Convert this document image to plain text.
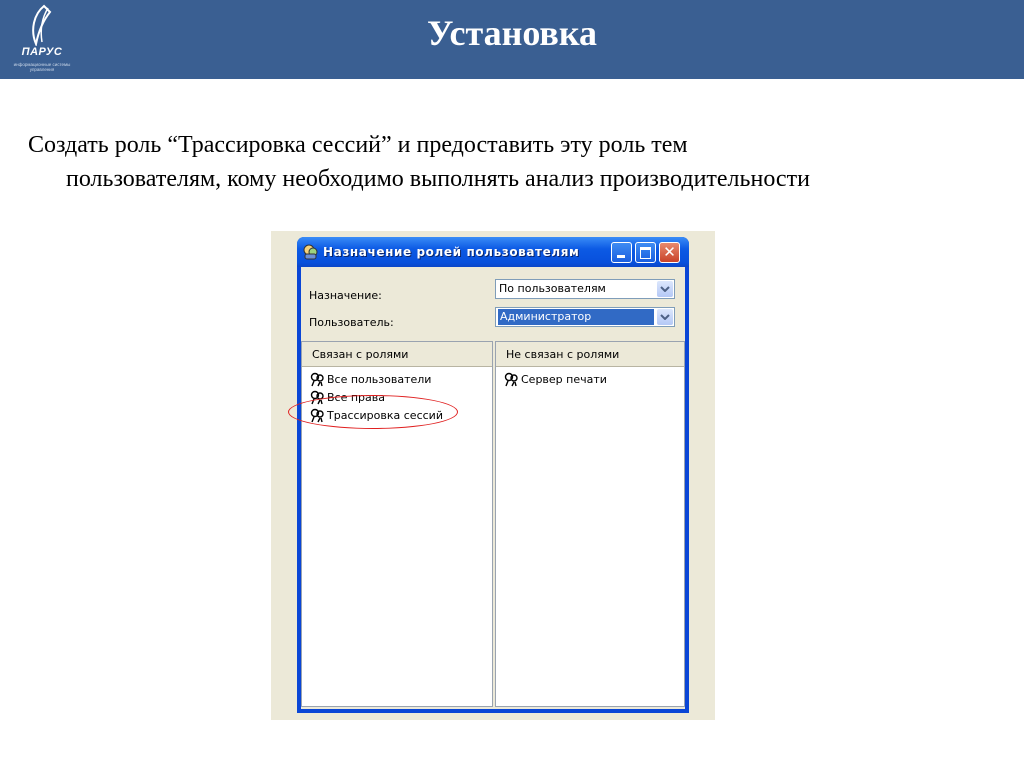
ПАРУС
информационные системы управления
Установка
Создать роль “Трассировка сессий” и предоставить эту роль тем
пользователям, кому необходимо выполнять анализ производительности
Назначение ролей пользователям	✕
Назначение:
По пользователям
Пользователь:	Администратор
Связан с ролями
Все пользователи
Все права
Трассировка сессий
Не связан с ролями
Сервер печати
